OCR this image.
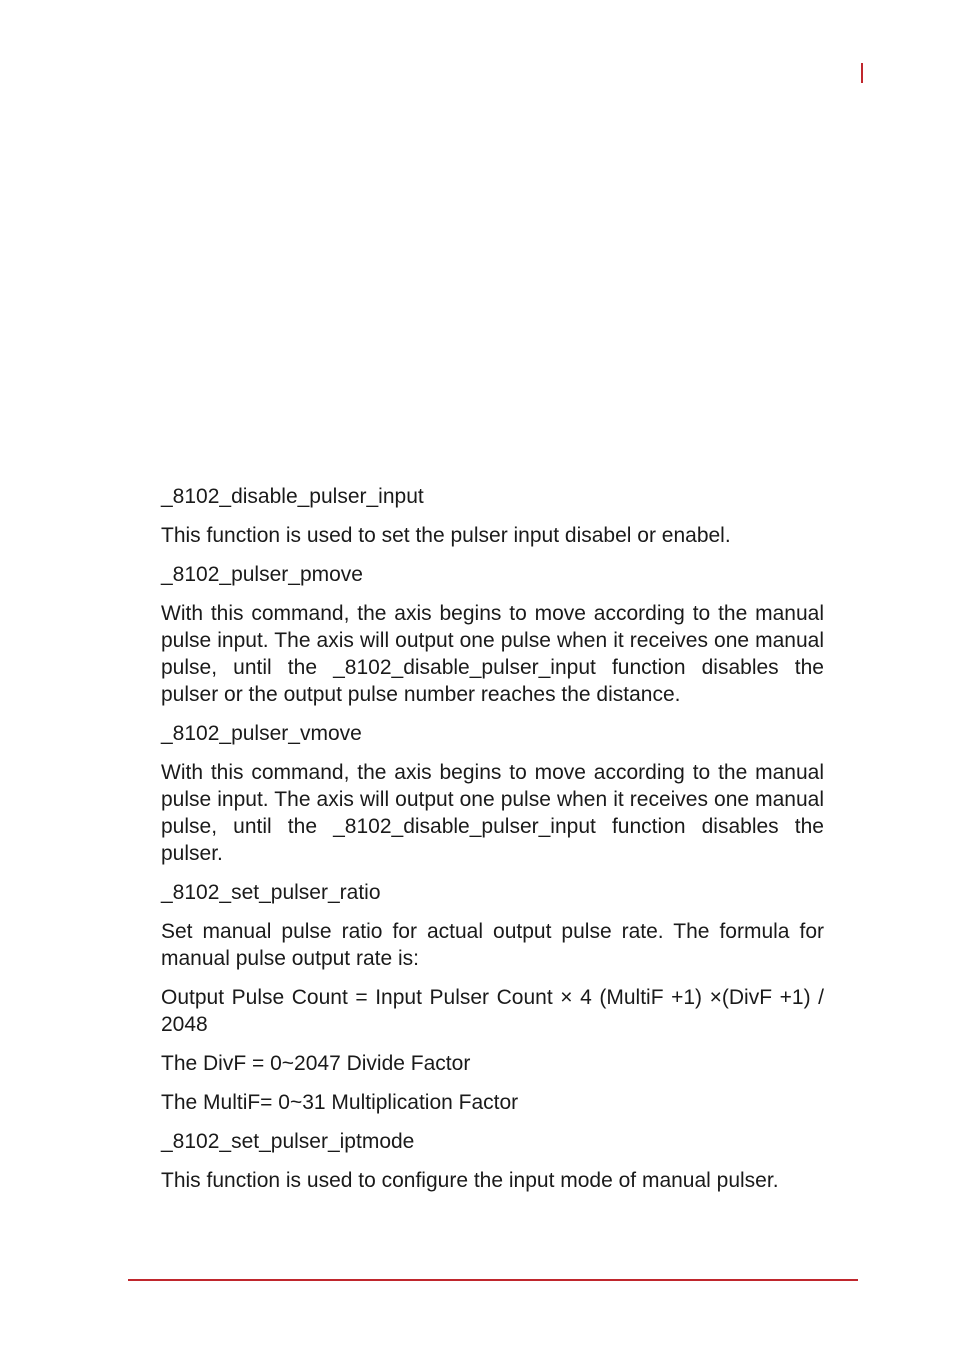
_8102_disable_pulser_input

This function is used to set the pulser input disabel or enabel.

_8102_pulser_pmove

With this command, the axis begins to move according to the manual pulse input. The axis will output one pulse when it receives one manual pulse, until the _8102_disable_pulser_input function disables the pulser or the output pulse number reaches the distance.

_8102_pulser_vmove

With this command, the axis begins to move according to the manual pulse input. The axis will output one pulse when it receives one manual pulse, until the _8102_disable_pulser_input function disables the pulser.

_8102_set_pulser_ratio

Set manual pulse ratio for actual output pulse rate. The formula for manual pulse output rate is:

Output Pulse Count = Input Pulser Count × 4 (MultiF +1) ×(DivF +1) / 2048

The DivF = 0~2047 Divide Factor

The MultiF= 0~31 Multiplication Factor

_8102_set_pulser_iptmode

This function is used to configure the input mode of manual pulser.
